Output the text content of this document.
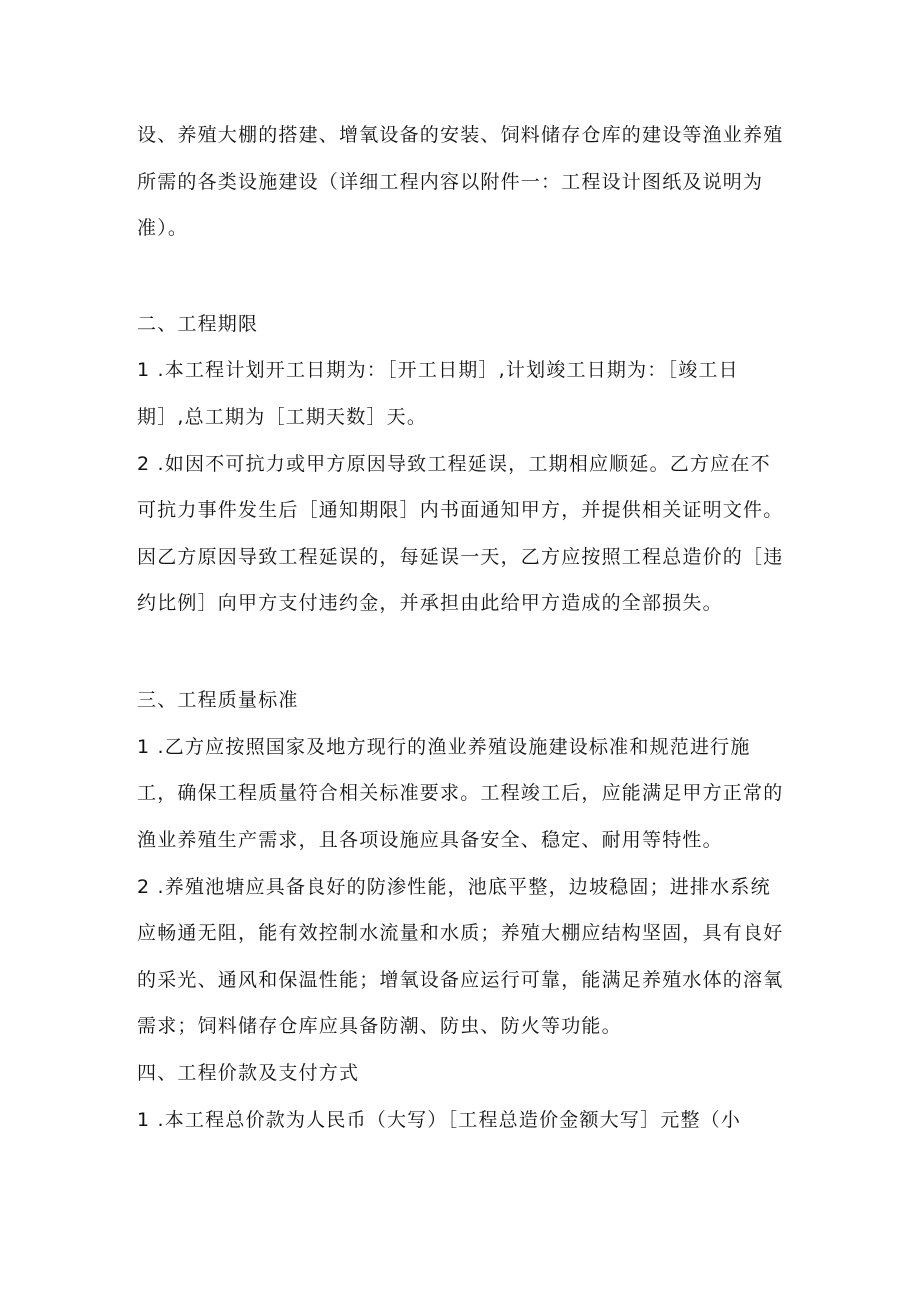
设、养殖大棚的搭建、增氧设备的安装、饲料储存仓库的建设等渔业养殖
所需的各类设施建设（详细工程内容以附件一：工程设计图纸及说明为
准）。
二、工程期限
1 .本工程计划开工日期为：［开工日期］,计划竣工日期为：［竣工日
期］,总工期为［工期天数］天。
2 .如因不可抗力或甲方原因导致工程延误，工期相应顺延。乙方应在不
可抗力事件发生后［通知期限］内书面通知甲方，并提供相关证明文件。
因乙方原因导致工程延误的，每延误一天，乙方应按照工程总造价的［违
约比例］向甲方支付违约金，并承担由此给甲方造成的全部损失。
三、工程质量标准
1 .乙方应按照国家及地方现行的渔业养殖设施建设标准和规范进行施
工，确保工程质量符合相关标准要求。工程竣工后，应能满足甲方正常的
渔业养殖生产需求，且各项设施应具备安全、稳定、耐用等特性。
2 .养殖池塘应具备良好的防渗性能，池底平整，边坡稳固；进排水系统
应畅通无阻，能有效控制水流量和水质；养殖大棚应结构坚固，具有良好
的采光、通风和保温性能；增氧设备应运行可靠，能满足养殖水体的溶氧
需求；饲料储存仓库应具备防潮、防虫、防火等功能。
四、工程价款及支付方式
1 .本工程总价款为人民币（大写）［工程总造价金额大写］元整（小
